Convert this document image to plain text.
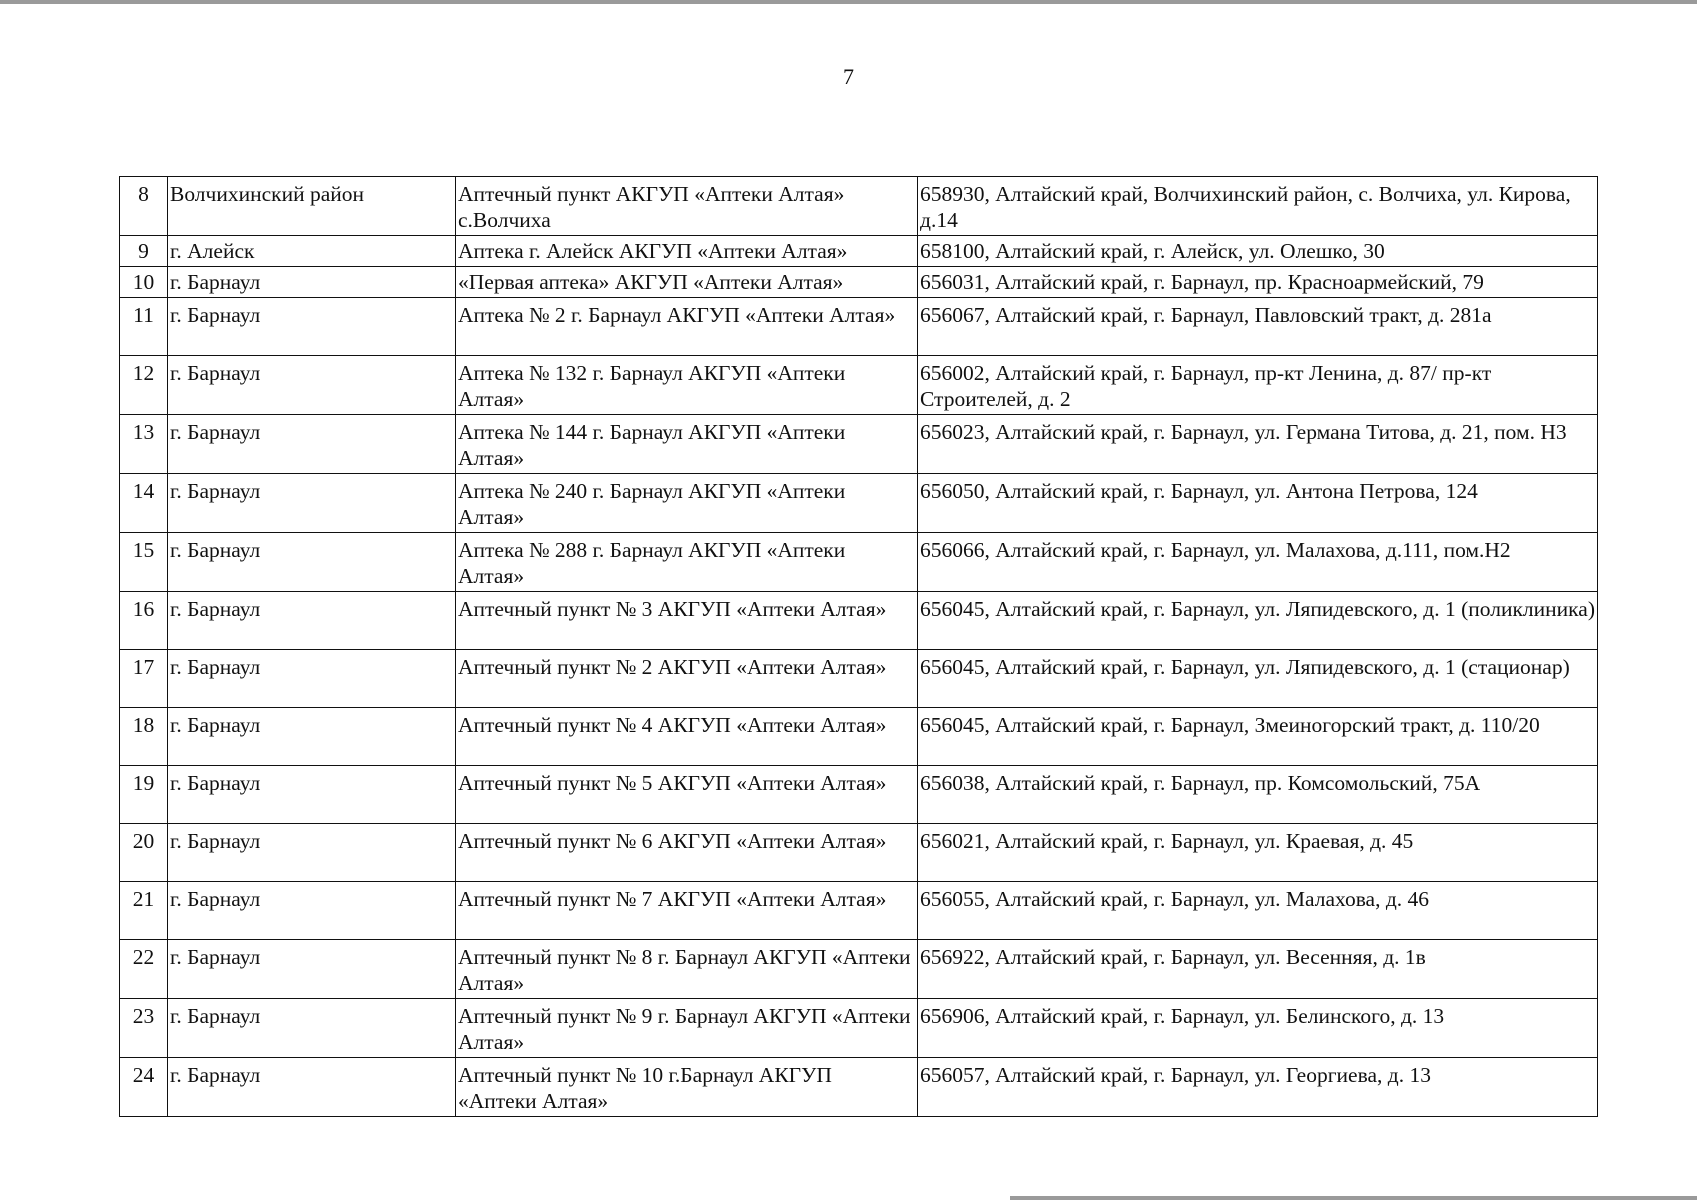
7
8	Волчихинский район	Аптечный пункт АКГУП «Аптеки Алтая» с.Волчиха	658930, Алтайский край, Волчихинский район, с. Волчиха, ул. Кирова, д.14
9	г. Алейск	Аптека г. Алейск АКГУП «Аптеки Алтая»	658100, Алтайский край, г. Алейск, ул. Олешко, 30
10	г. Барнаул	«Первая аптека» АКГУП «Аптеки Алтая»	656031, Алтайский край, г. Барнаул, пр. Красноармейский, 79
11	г. Барнаул	Аптека № 2 г. Барнаул АКГУП «Аптеки Алтая»	656067, Алтайский край, г. Барнаул, Павловский тракт, д. 281а
12	г. Барнаул	Аптека № 132 г. Барнаул АКГУП «Аптеки Алтая»	656002, Алтайский край, г. Барнаул, пр-кт Ленина, д. 87/ пр-кт Строителей, д. 2
13	г. Барнаул	Аптека № 144 г. Барнаул АКГУП «Аптеки Алтая»	656023, Алтайский край, г. Барнаул, ул. Германа Титова, д. 21, пом. Н3
14	г. Барнаул	Аптека № 240 г. Барнаул АКГУП «Аптеки Алтая»	656050, Алтайский край, г. Барнаул, ул. Антона Петрова, 124
15	г. Барнаул	Аптека № 288 г. Барнаул АКГУП «Аптеки Алтая»	656066, Алтайский край, г. Барнаул, ул. Малахова, д.111, пом.Н2
16	г. Барнаул	Аптечный пункт № 3 АКГУП «Аптеки Алтая»	656045, Алтайский край, г. Барнаул, ул. Ляпидевского, д. 1 (поликлиника)
17	г. Барнаул	Аптечный пункт № 2 АКГУП «Аптеки Алтая»	656045, Алтайский край, г. Барнаул, ул. Ляпидевского, д. 1 (стационар)
18	г. Барнаул	Аптечный пункт № 4 АКГУП «Аптеки Алтая»	656045, Алтайский край, г. Барнаул, Змеиногорский тракт, д. 110/20
19	г. Барнаул	Аптечный пункт № 5 АКГУП «Аптеки Алтая»	656038, Алтайский край, г. Барнаул, пр. Комсомольский, 75А
20	г. Барнаул	Аптечный пункт № 6 АКГУП «Аптеки Алтая»	656021, Алтайский край, г. Барнаул, ул. Краевая, д. 45
21	г. Барнаул	Аптечный пункт № 7 АКГУП «Аптеки Алтая»	656055, Алтайский край, г. Барнаул, ул. Малахова, д. 46
22	г. Барнаул	Аптечный пункт № 8 г. Барнаул АКГУП «Аптеки Алтая»	656922, Алтайский край, г. Барнаул, ул. Весенняя, д. 1в
23	г. Барнаул	Аптечный пункт № 9 г. Барнаул АКГУП «Аптеки Алтая»	656906, Алтайский край, г. Барнаул, ул. Белинского, д. 13
24	г. Барнаул	Аптечный пункт № 10 г.Барнаул АКГУП «Аптеки Алтая»	656057, Алтайский край, г. Барнаул, ул. Георгиева, д. 13
